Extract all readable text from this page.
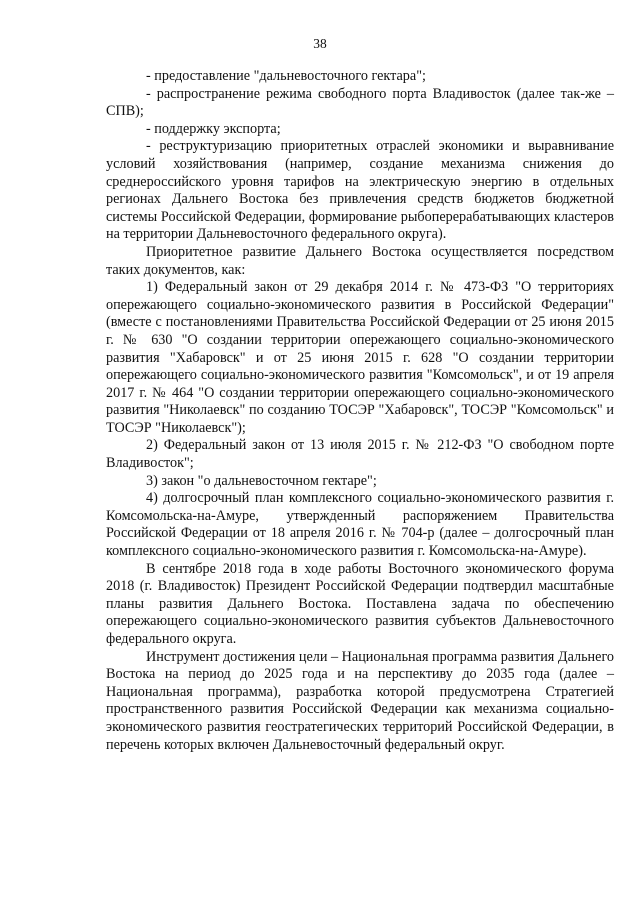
38

- предоставление "дальневосточного гектара";

- распространение режима свободного порта Владивосток (далее так-же – СПВ);

- поддержку экспорта;

- реструктуризацию приоритетных отраслей экономики и выравнивание условий хозяйствования (например, создание механизма снижения до среднероссийского уровня тарифов на электрическую энергию в отдельных регионах Дальнего Востока без привлечения средств бюджетов бюджетной системы Российской Федерации, формирование рыбоперерабатывающих кластеров на территории Дальневосточного федерального округа).

Приоритетное развитие Дальнего Востока осуществляется посредством таких документов, как:

1) Федеральный закон от 29 декабря 2014 г. № 473-ФЗ "О территориях опережающего социально-экономического развития в Российской Федерации" (вместе с постановлениями Правительства Российской Федерации от 25 июня 2015 г. № 630 "О создании территории опережающего социально-экономического развития "Хабаровск" и от 25 июня 2015 г. 628 "О создании территории опережающего социально-экономического развития "Комсомольск", и от 19 апреля 2017 г. № 464 "О создании территории опережающего социально-экономического развития "Николаевск" по созданию ТОСЭР "Хабаровск", ТОСЭР "Комсомольск" и ТОСЭР "Николаевск");

2) Федеральный закон от 13 июля 2015 г. № 212-ФЗ "О свободном порте Владивосток";

3) закон "о дальневосточном гектаре";

4) долгосрочный план комплексного социально-экономического развития г. Комсомольска-на-Амуре, утвержденный распоряжением Правительства Российской Федерации от 18 апреля 2016 г. № 704-р (далее – долгосрочный план комплексного социально-экономического развития г. Комсомольска-на-Амуре).

В сентябре 2018 года в ходе работы Восточного экономического форума 2018 (г. Владивосток) Президент Российской Федерации подтвердил масштабные планы развития Дальнего Востока. Поставлена задача по обеспечению опережающего социально-экономического развития субъектов Дальневосточного федерального округа.

Инструмент достижения цели – Национальная программа развития Дальнего Востока на период до 2025 года и на перспективу до 2035 года (далее – Национальная программа), разработка которой предусмотрена Стратегией пространственного развития Российской Федерации как механизма социально-экономического развития геостратегических территорий Российской Федерации, в перечень которых включен Дальневосточный федеральный округ.
